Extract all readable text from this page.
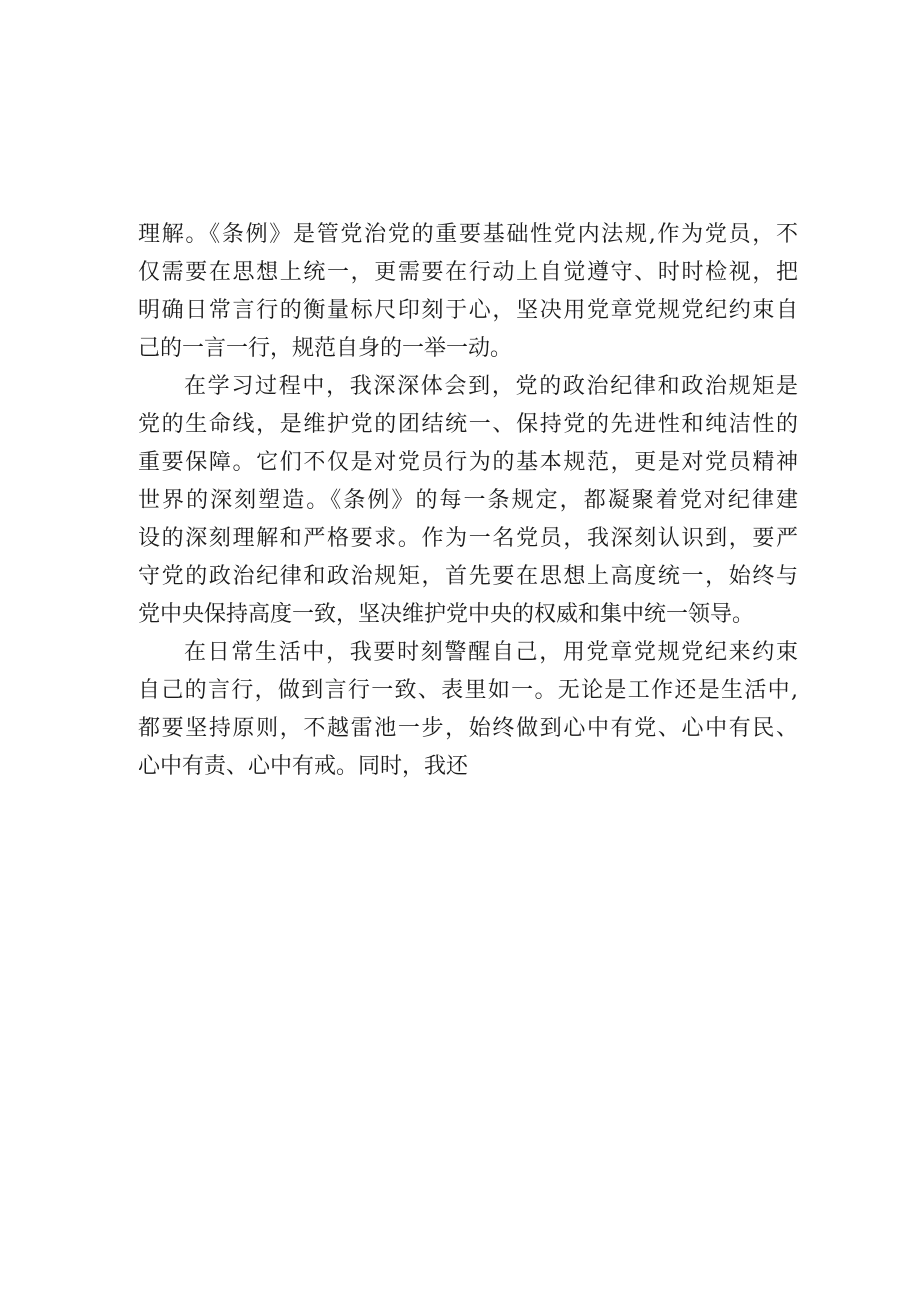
理解。《条例》是管党治党的重要基础性党内法规,作为党员，不
仅需要在思想上统一，更需要在行动上自觉遵守、时时检视，把
明确日常言行的衡量标尺印刻于心，坚决用党章党规党纪约束自
己的一言一行，规范自身的一举一动。
在学习过程中，我深深体会到，党的政治纪律和政治规矩是
党的生命线，是维护党的团结统一、保持党的先进性和纯洁性的
重要保障。它们不仅是对党员行为的基本规范，更是对党员精神
世界的深刻塑造。《条例》的每一条规定，都凝聚着党对纪律建
设的深刻理解和严格要求。作为一名党员，我深刻认识到，要严
守党的政治纪律和政治规矩，首先要在思想上高度统一，始终与
党中央保持高度一致，坚决维护党中央的权威和集中统一领导。
在日常生活中，我要时刻警醒自己，用党章党规党纪来约束
自己的言行，做到言行一致、表里如一。无论是工作还是生活中,
都要坚持原则，不越雷池一步，始终做到心中有党、心中有民、
心中有责、心中有戒。同时，我还
